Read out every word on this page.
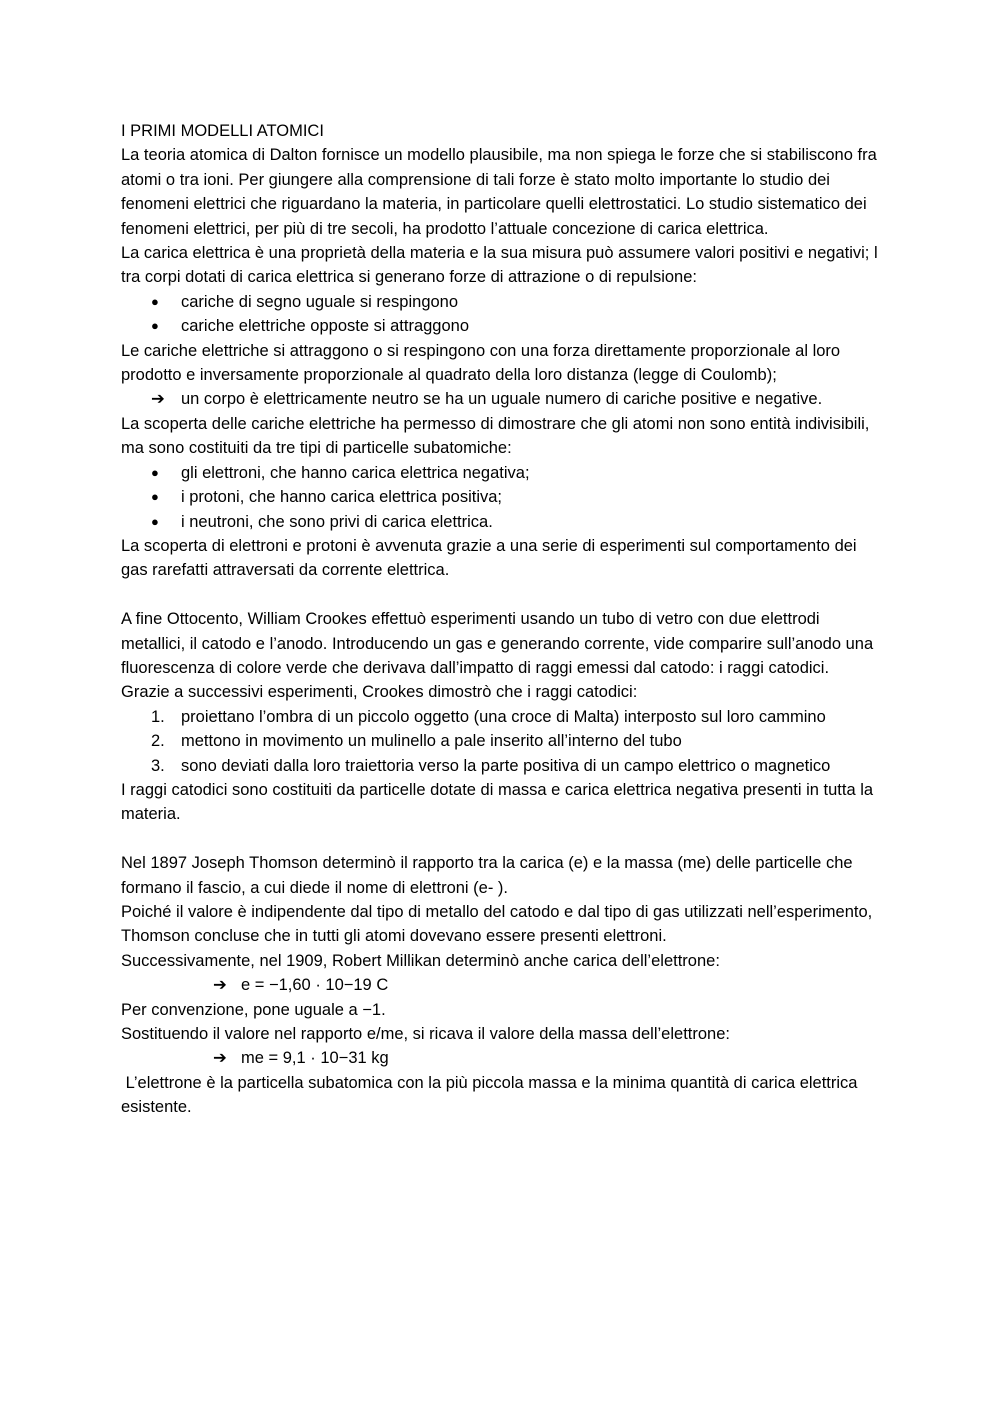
I PRIMI MODELLI ATOMICI

La teoria atomica di Dalton fornisce un modello plausibile, ma non spiega le forze che si stabiliscono fra atomi o tra ioni. Per giungere alla comprensione di tali forze è stato molto importante lo studio dei fenomeni elettrici che riguardano la materia, in particolare quelli elettrostatici. Lo studio sistematico dei fenomeni elettrici, per più di tre secoli, ha prodotto l’attuale concezione di carica elettrica.

La carica elettrica è una proprietà della materia e la sua misura può assumere valori positivi e negativi; l tra corpi dotati di carica elettrica si generano forze di attrazione o di repulsione:

●	cariche di segno uguale si respingono
●	cariche elettriche opposte si attraggono

Le cariche elettriche si attraggono o si respingono con una forza direttamente proporzionale al loro prodotto e inversamente proporzionale al quadrato della loro distanza (legge di Coulomb);

➔ un corpo è elettricamente neutro se ha un uguale numero di cariche positive e negative.

La scoperta delle cariche elettriche ha permesso di dimostrare che gli atomi non sono entità indivisibili, ma sono costituiti da tre tipi di particelle subatomiche:

●	gli elettroni, che hanno carica elettrica negativa;
●	i protoni, che hanno carica elettrica positiva;
●	i neutroni, che sono privi di carica elettrica.

La scoperta di elettroni e protoni è avvenuta grazie a una serie di esperimenti sul comportamento dei gas rarefatti attraversati da corrente elettrica.

A fine Ottocento, William Crookes effettuò esperimenti usando un tubo di vetro con due elettrodi metallici, il catodo e l’anodo. Introducendo un gas e generando corrente, vide comparire sull’anodo una fluorescenza di colore verde che derivava dall’impatto di raggi emessi dal catodo: i raggi catodici.

Grazie a successivi esperimenti, Crookes dimostrò che i raggi catodici:

1. proiettano l’ombra di un piccolo oggetto (una croce di Malta) interposto sul loro cammino
2. mettono in movimento un mulinello a pale inserito all’interno del tubo
3. sono deviati dalla loro traiettoria verso la parte positiva di un campo elettrico o magnetico

I raggi catodici sono costituiti da particelle dotate di massa e carica elettrica negativa presenti in tutta la materia.

Nel 1897 Joseph Thomson determinò il rapporto tra la carica (e) e la massa (me) delle particelle che formano il fascio, a cui diede il nome di elettroni (e- ).

Poiché il valore è indipendente dal tipo di metallo del catodo e dal tipo di gas utilizzati nell’esperimento, Thomson concluse che in tutti gli atomi dovevano essere presenti elettroni.

Successivamente, nel 1909, Robert Millikan determinò anche carica dell’elettrone:

➔ e = −1,60 · 10−19 C

Per convenzione, pone uguale a −1.

Sostituendo il valore nel rapporto e/me, si ricava il valore della massa dell’elettrone:

➔ me = 9,1 · 10−31 kg

L’elettrone è la particella subatomica con la più piccola massa e la minima quantità di carica elettrica esistente.
